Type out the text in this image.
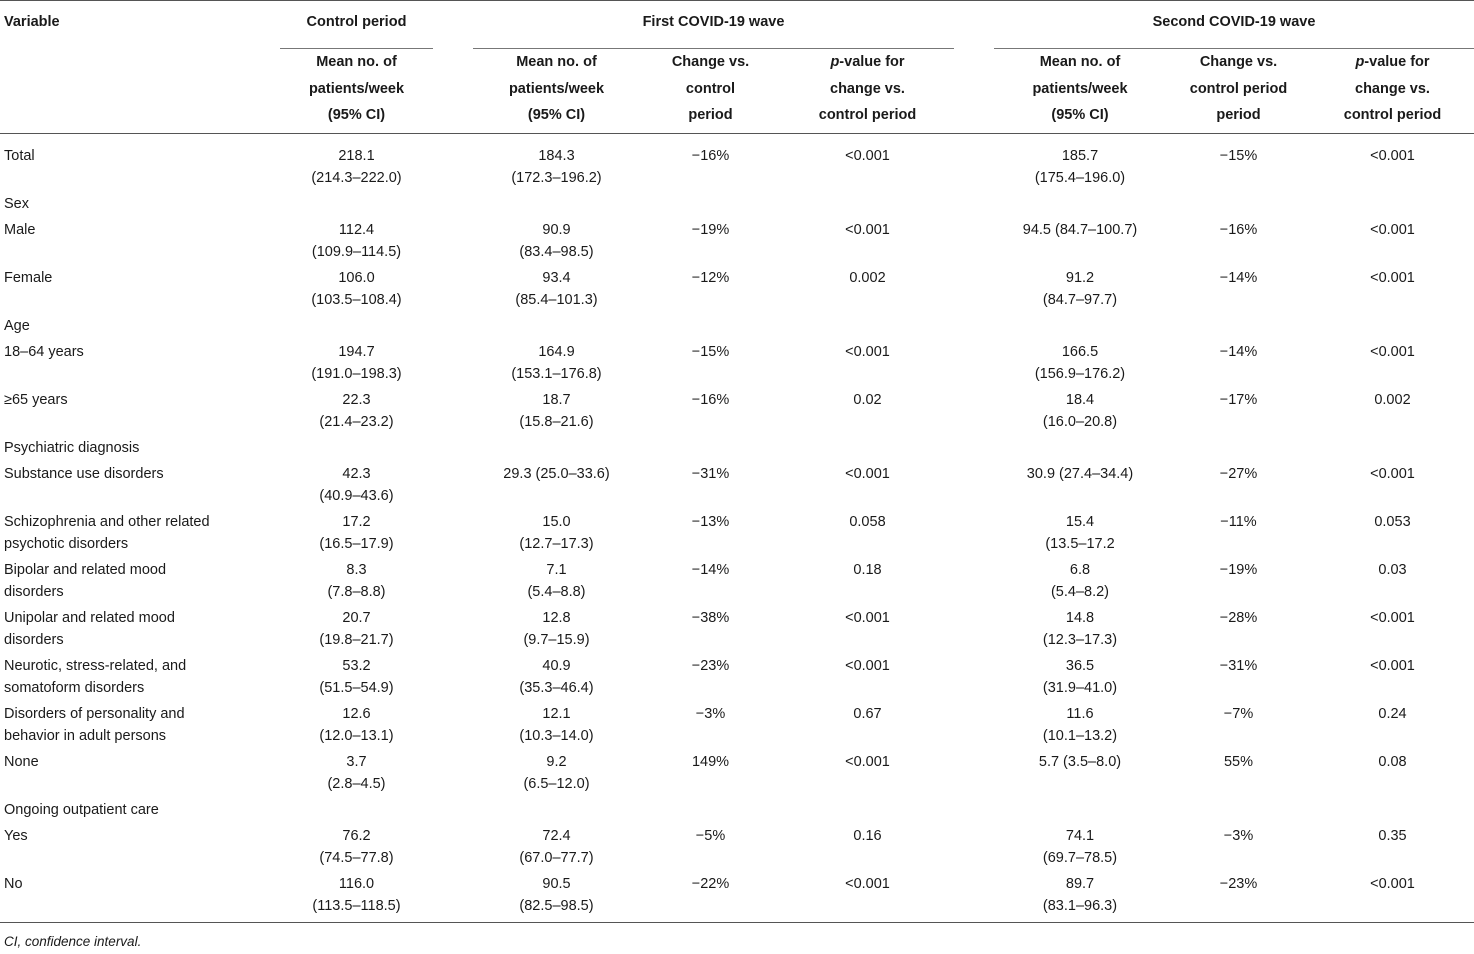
Variable	Control period		First COVID-19 wave				Second COVID-19 wave		

	Mean no. of
patients/week
(95% CI)		Mean no. of
patients/week
(95% CI)	Change vs.
control
period	p-value for
change vs.
control period		Mean no. of
patients/week
(95% CI)	Change vs.
control period
period	p-value for
change vs.
control period

Total	218.1
(214.3–222.0)		184.3
(172.3–196.2)	−16%	<0.001		185.7
(175.4–196.0)	−15%	<0.001

Sex									

Male	112.4
(109.9–114.5)		90.9
(83.4–98.5)	−19%	<0.001		94.5 (84.7–100.7)	−16%	<0.001

Female	106.0
(103.5–108.4)		93.4
(85.4–101.3)	−12%	0.002		91.2
(84.7–97.7)	−14%	<0.001

Age									

18–64 years	194.7
(191.0–198.3)		164.9
(153.1–176.8)	−15%	<0.001		166.5
(156.9–176.2)	−14%	<0.001

≥65 years	22.3
(21.4–23.2)		18.7
(15.8–21.6)	−16%	0.02		18.4
(16.0–20.8)	−17%	0.002

Psychiatric diagnosis									

Substance use disorders	42.3
(40.9–43.6)		29.3 (25.0–33.6)	−31%	<0.001		30.9 (27.4–34.4)	−27%	<0.001

Schizophrenia and other related
psychotic disorders	17.2
(16.5–17.9)		15.0
(12.7–17.3)	−13%	0.058		15.4
(13.5–17.2	−11%	0.053

Bipolar and related mood
disorders	8.3
(7.8–8.8)		7.1
(5.4–8.8)	−14%	0.18		6.8
(5.4–8.2)	−19%	0.03

Unipolar and related mood
disorders	20.7
(19.8–21.7)		12.8
(9.7–15.9)	−38%	<0.001		14.8
(12.3–17.3)	−28%	<0.001

Neurotic, stress-related, and
somatoform disorders	53.2
(51.5–54.9)		40.9
(35.3–46.4)	−23%	<0.001		36.5
(31.9–41.0)	−31%	<0.001

Disorders of personality and
behavior in adult persons	12.6
(12.0–13.1)		12.1
(10.3–14.0)	−3%	0.67		11.6
(10.1–13.2)	−7%	0.24

None	3.7
(2.8–4.5)		9.2
(6.5–12.0)	149%	<0.001		5.7 (3.5–8.0)	55%	0.08

Ongoing outpatient care									

Yes	76.2
(74.5–77.8)		72.4
(67.0–77.7)	−5%	0.16		74.1
(69.7–78.5)	−3%	0.35

No	116.0
(113.5–118.5)		90.5
(82.5–98.5)	−22%	<0.001		89.7
(83.1–96.3)	−23%	<0.001
CI, confidence interval.
